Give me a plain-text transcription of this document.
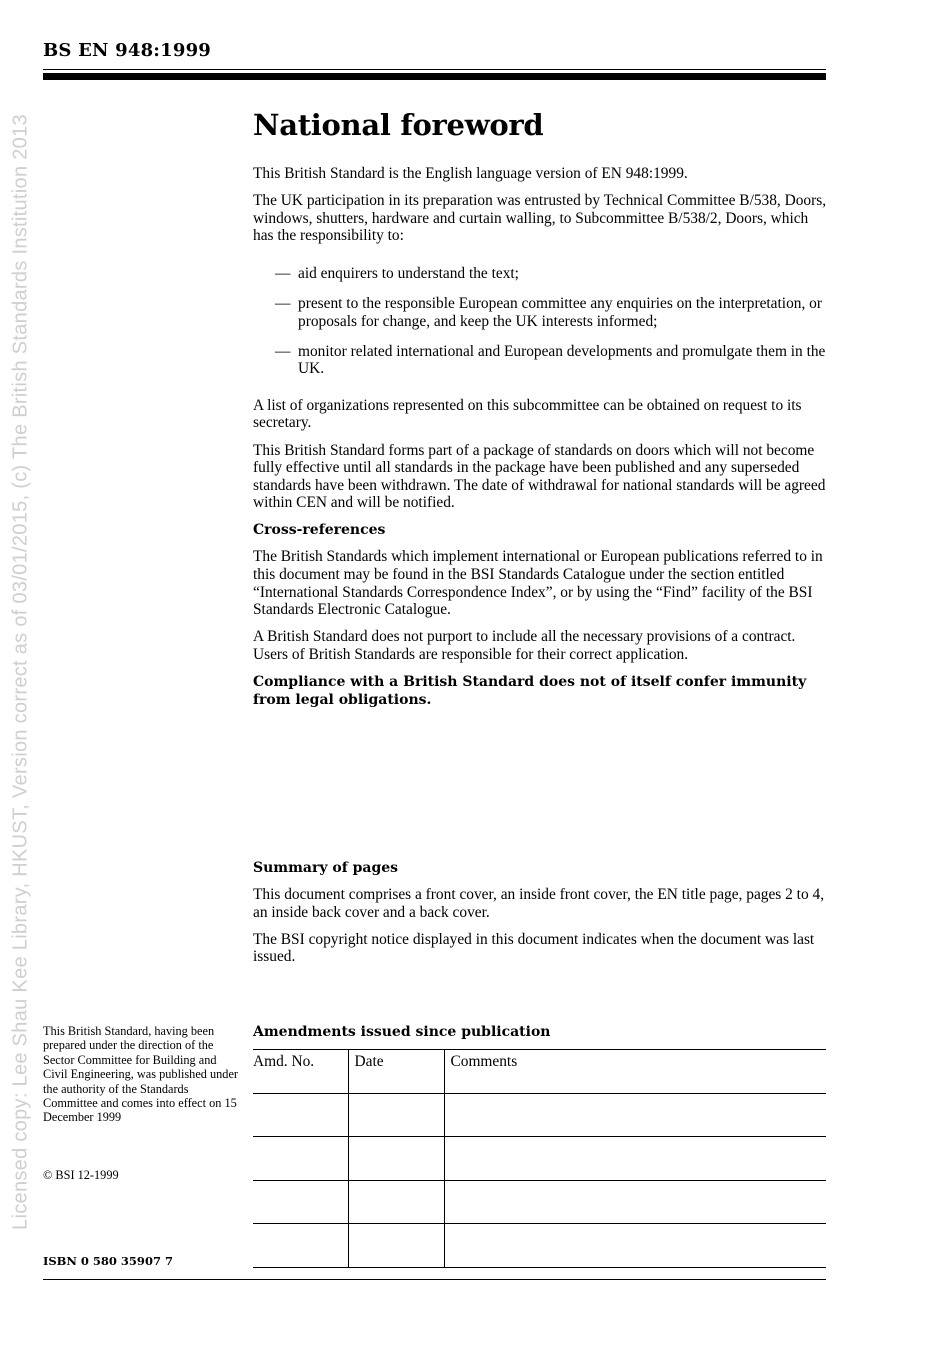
BS EN 948:1999
Licensed copy: Lee Shau Kee Library, HKUST, Version correct as of 03/01/2015, (c) The British Standards Institution 2013	National foreword

This British Standard is the English language version of EN 948:1999.

The UK participation in its preparation was entrusted by Technical Committee B/538, Doors, windows, shutters, hardware and curtain walling, to Subcommittee B/538/2, Doors, which has the responsibility to:

— aid enquirers to understand the text;
— present to the responsible European committee any enquiries on the interpretation, or proposals for change, and keep the UK interests informed;
— monitor related international and European developments and promulgate them in the UK.

A list of organizations represented on this subcommittee can be obtained on request to its secretary.

This British Standard forms part of a package of standards on doors which will not become fully effective until all standards in the package have been published and any superseded standards have been withdrawn. The date of withdrawal for national standards will be agreed within CEN and will be notified.

Cross-references

The British Standards which implement international or European publications referred to in this document may be found in the BSI Standards Catalogue under the section entitled “International Standards Correspondence Index”, or by using the “Find” facility of the BSI Standards Electronic Catalogue.

A British Standard does not purport to include all the necessary provisions of a contract. Users of British Standards are responsible for their correct application.

Compliance with a British Standard does not of itself confer immunity from legal obligations.

Summary of pages

This document comprises a front cover, an inside front cover, the EN title page, pages 2 to 4, an inside back cover and a back cover.

The BSI copyright notice displayed in this document indicates when the document was last issued.

This British Standard, having been prepared under the direction of the Sector Committee for Building and Civil Engineering, was published under the authority of the Standards Committee and comes into effect on 15 December 1999
© BSI 12-1999
ISBN 0 580 35907 7
Amendments issued since publication
Amd. No.	Date	Comments
